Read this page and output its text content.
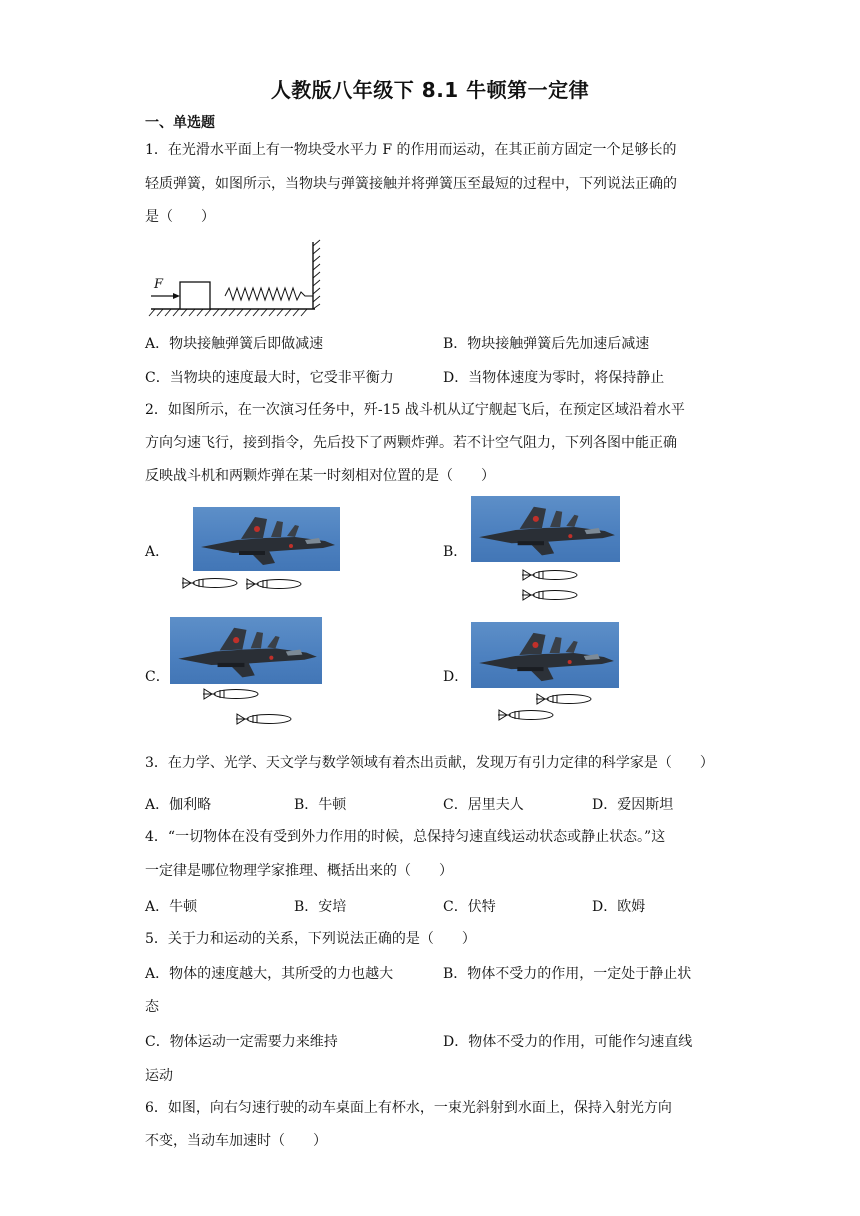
人教版八年级下 8.1 牛顿第一定律
一、单选题
1．在光滑水平面上有一物块受水平力 F 的作用而运动，在其正前方固定一个足够长的
轻质弹簧，如图所示，当物块与弹簧接触并将弹簧压至最短的过程中，下列说法正确的
是（　　）
F
A．物块接触弹簧后即做减速	B．物块接触弹簧后先加速后减速
C．当物块的速度最大时，它受非平衡力	D．当物体速度为零时，将保持静止
2．如图所示，在一次演习任务中，歼-15 战斗机从辽宁舰起飞后，在预定区域沿着水平
方向匀速飞行，接到指令，先后投下了两颗炸弹。若不计空气阻力，下列各图中能正确
反映战斗机和两颗炸弹在某一时刻相对位置的是（　　）
A．	B．
C．	D．
3．在力学、光学、天文学与数学领域有着杰出贡献，发现万有引力定律的科学家是（　　）
A．伽利略	B．牛顿	C．居里夫人	D．爱因斯坦
4．“一切物体在没有受到外力作用的时候，总保持匀速直线运动状态或静止状态。”这
一定律是哪位物理学家推理、概括出来的（　　）
A．牛顿	B．安培	C．伏特	D．欧姆
5．关于力和运动的关系，下列说法正确的是（　　）
A．物体的速度越大，其所受的力也越大	B．物体不受力的作用，一定处于静止状
态
C．物体运动一定需要力来维持	D．物体不受力的作用，可能作匀速直线
运动
6．如图，向右匀速行驶的动车桌面上有杯水，一束光斜射到水面上，保持入射光方向
不变，当动车加速时（　　）
